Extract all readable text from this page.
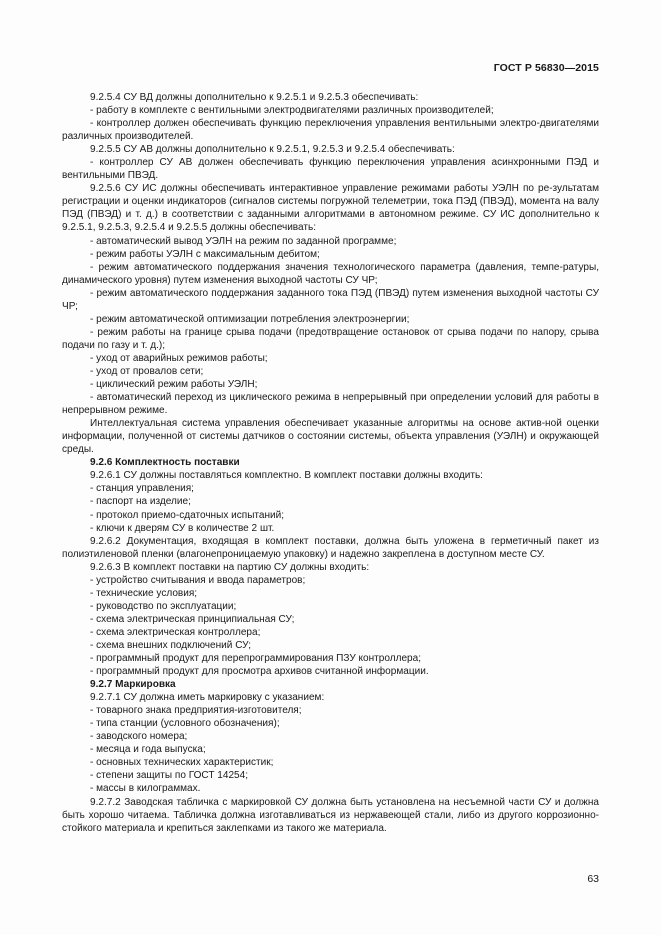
ГОСТ Р 56830—2015

9.2.5.4 СУ ВД должны дополнительно к 9.2.5.1 и 9.2.5.3 обеспечивать:

- работу в комплекте с вентильными электродвигателями различных производителей;

- контроллер должен обеспечивать функцию переключения управления вентильными электро-двигателями различных производителей.

9.2.5.5 СУ АВ должны дополнительно к 9.2.5.1, 9.2.5.3 и 9.2.5.4 обеспечивать:

- контроллер СУ АВ должен обеспечивать функцию переключения управления асинхронными ПЭД и вентильными ПВЭД.

9.2.5.6 СУ ИС должны обеспечивать интерактивное управление режимами работы УЭЛН по ре-зультатам регистрации и оценки индикаторов (сигналов системы погружной телеметрии, тока ПЭД (ПВЭД), момента на валу ПЭД (ПВЭД) и т. д.) в соответствии с заданными алгоритмами в автономном режиме. СУ ИС дополнительно к 9.2.5.1, 9.2.5.3, 9.2.5.4 и 9.2.5.5 должны обеспечивать:

- автоматический вывод УЭЛН на режим по заданной программе;

- режим работы УЭЛН с максимальным дебитом;

- режим автоматического поддержания значения технологического параметра (давления, темпе-ратуры, динамического уровня) путем изменения выходной частоты СУ ЧР;

- режим автоматического поддержания заданного тока ПЭД (ПВЭД) путем изменения выходной частоты СУ ЧР;

- режим автоматической оптимизации потребления электроэнергии;

- режим работы на границе срыва подачи (предотвращение остановок от срыва подачи по напору, срыва подачи по газу и т. д.);

- уход от аварийных режимов работы;

- уход от провалов сети;

- циклический режим работы УЭЛН;

- автоматический переход из циклического режима в непрерывный при определении условий для работы в непрерывном режиме.

Интеллектуальная система управления обеспечивает указанные алгоритмы на основе актив-ной оценки информации, полученной от системы датчиков о состоянии системы, объекта управления (УЭЛН) и окружающей среды.

9.2.6 Комплектность поставки

9.2.6.1 СУ должны поставляться комплектно. В комплект поставки должны входить:

- станция управления;

- паспорт на изделие;

- протокол приемо-сдаточных испытаний;

- ключи к дверям СУ в количестве 2 шт.

9.2.6.2 Документация, входящая в комплект поставки, должна быть уложена в герметичный пакет из полиэтиленовой пленки (влагонепроницаемую упаковку) и надежно закреплена в доступном месте СУ.

9.2.6.3 В комплект поставки на партию СУ должны входить:

- устройство считывания и ввода параметров;

- технические условия;

- руководство по эксплуатации;

- схема электрическая принципиальная СУ;

- схема электрическая контроллера;

- схема внешних подключений СУ;

- программный продукт для перепрограммирования ПЗУ контроллера;

- программный продукт для просмотра архивов считанной информации.

9.2.7 Маркировка

9.2.7.1 СУ должна иметь маркировку с указанием:

- товарного знака предприятия-изготовителя;

- типа станции (условного обозначения);

- заводского номера;

- месяца и года выпуска;

- основных технических характеристик;

- степени защиты по ГОСТ 14254;

- массы в килограммах.

9.2.7.2 Заводская табличка с маркировкой СУ должна быть установлена на несъемной части СУ и должна быть хорошо читаема. Табличка должна изготавливаться из нержавеющей стали, либо из другого коррозионно-стойкого материала и крепиться заклепками из такого же материала.

63
